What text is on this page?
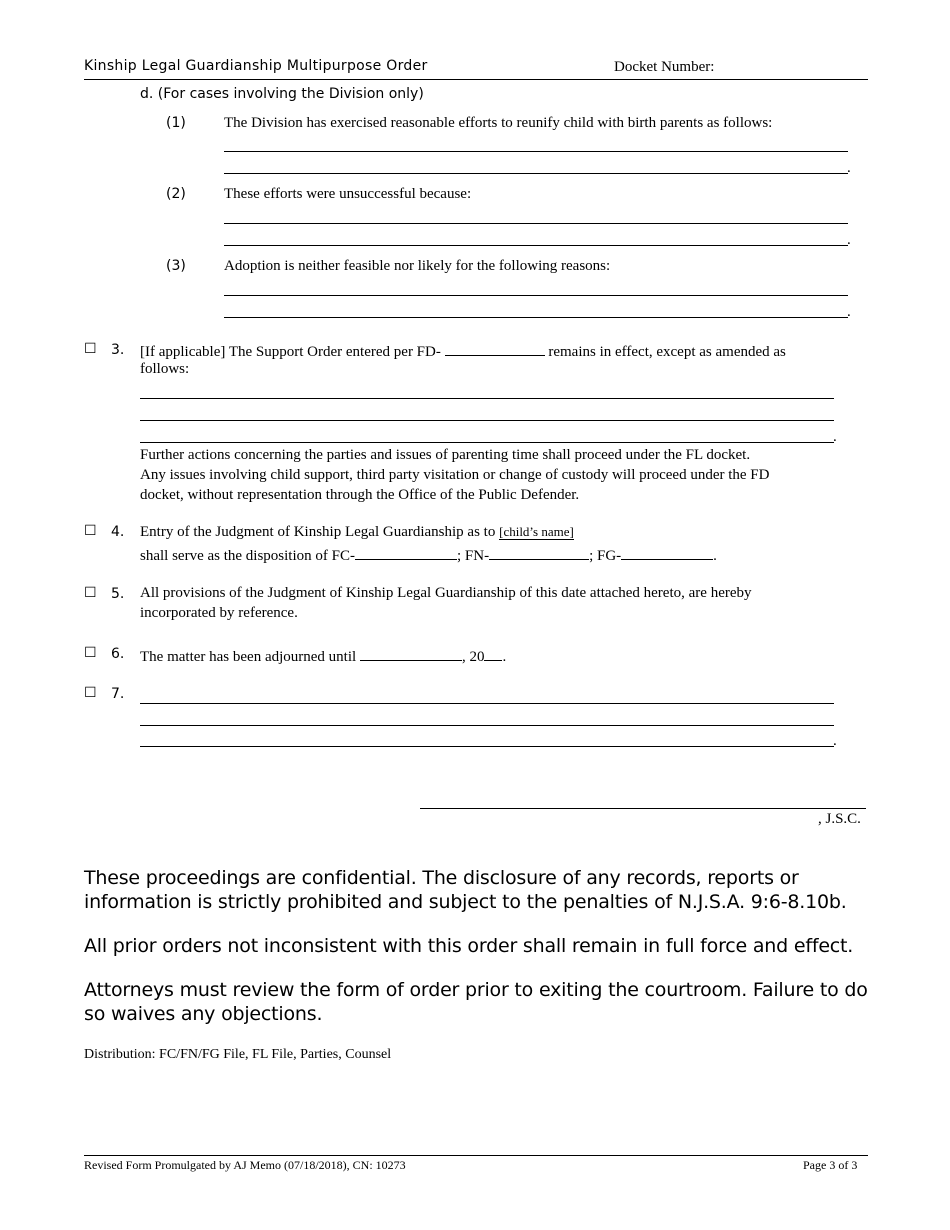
Kinship Legal Guardianship Multipurpose Order	Docket Number:
d. (For cases involving the Division only)
(1)	The Division has exercised reasonable efforts to reunify child with birth parents as follows:
.
(2)	These efforts were unsuccessful because:
.
(3)	Adoption is neither feasible nor likely for the following reasons:
.
☐ 3. [If applicable] The Support Order entered per FD-	remains in effect, except as amended as
follows:
.
Further actions concerning the parties and issues of parenting time shall proceed under the FL docket.
Any issues involving child support, third party visitation or change of custody will proceed under the FD
docket, without representation through the Office of the Public Defender.
☐ 4. Entry of the Judgment of Kinship Legal Guardianship as to [child’s name]
shall serve as the disposition of FC-	; FN-	; FG-	.
☐ 5. All provisions of the Judgment of Kinship Legal Guardianship of this date attached hereto, are hereby
incorporated by reference.
☐ 6. The matter has been adjourned until	, 20 .
☐ 7.
.
, J.S.C.
These proceedings are confidential. The disclosure of any records, reports or information is strictly prohibited and subject to the penalties of N.J.S.A. 9:6-8.10b.
All prior orders not inconsistent with this order shall remain in full force and effect.
Attorneys must review the form of order prior to exiting the courtroom. Failure to do so waives any objections.
Distribution: FC/FN/FG File, FL File, Parties, Counsel
Revised Form Promulgated by AJ Memo (07/18/2018), CN: 10273	Page 3 of 3
